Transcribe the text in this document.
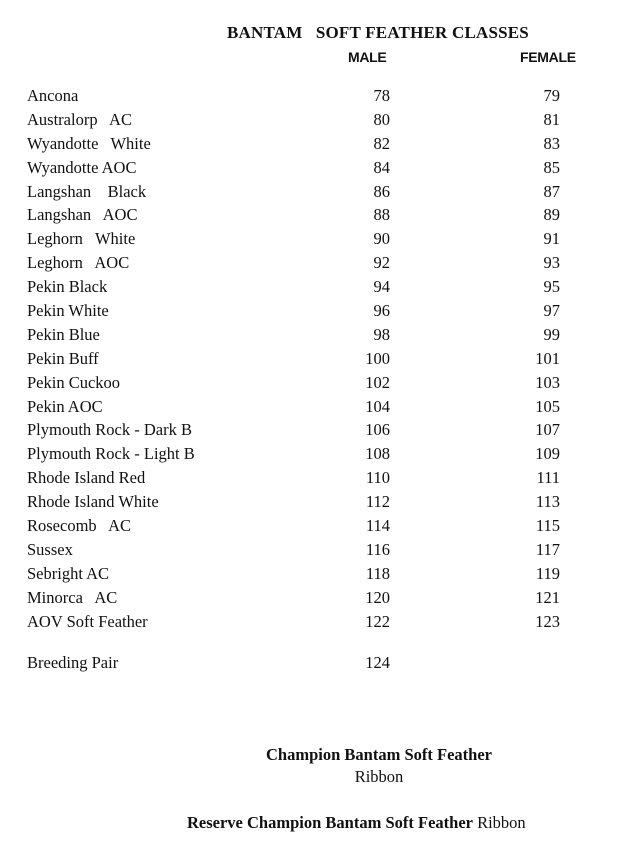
BANTAM   SOFT FEATHER CLASSES
MALE	FEMALE
Ancona	78	79
Australorp   AC	80	81
Wyandotte   White	82	83
Wyandotte AOC	84	85
Langshan    Black	86	87
Langshan   AOC	88	89
Leghorn   White	90	91
Leghorn   AOC	92	93
Pekin Black	94	95
Pekin White	96	97
Pekin Blue	98	99
Pekin Buff	100	101
Pekin Cuckoo	102	103
Pekin AOC	104	105
Plymouth Rock - Dark B	106	107
Plymouth Rock - Light B	108	109
Rhode Island Red	110	111
Rhode Island White	112	113
Rosecomb   AC	114	115
Sussex	116	117
Sebright AC	118	119
Minorca   AC	120	121
AOV Soft Feather	122	123
Breeding Pair	124
Champion Bantam Soft Feather
Ribbon
Reserve Champion Bantam Soft Feather Ribbon
